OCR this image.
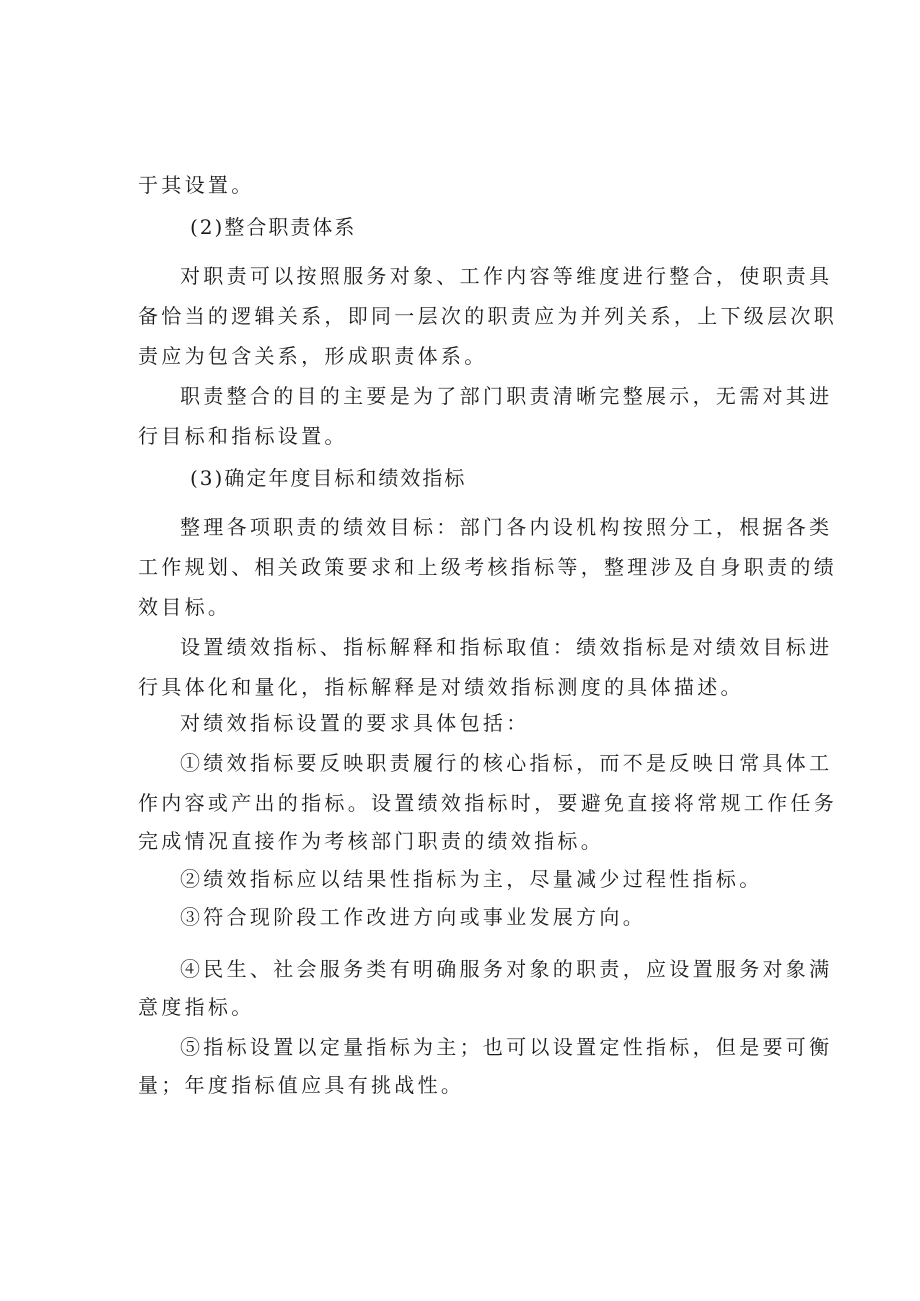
于其设置。
(2)整合职责体系
对职责可以按照服务对象、工作内容等维度进行整合，使职责具
备恰当的逻辑关系，即同一层次的职责应为并列关系，上下级层次职
责应为包含关系，形成职责体系。
职责整合的目的主要是为了部门职责清晰完整展示，无需对其进
行目标和指标设置。
(3)确定年度目标和绩效指标
整理各项职责的绩效目标：部门各内设机构按照分工，根据各类
工作规划、相关政策要求和上级考核指标等，整理涉及自身职责的绩
效目标。
设置绩效指标、指标解释和指标取值：绩效指标是对绩效目标进
行具体化和量化，指标解释是对绩效指标测度的具体描述。
对绩效指标设置的要求具体包括：
①绩效指标要反映职责履行的核心指标，而不是反映日常具体工
作内容或产出的指标。设置绩效指标时，要避免直接将常规工作任务
完成情况直接作为考核部门职责的绩效指标。
②绩效指标应以结果性指标为主，尽量减少过程性指标。
③符合现阶段工作改进方向或事业发展方向。
④民生、社会服务类有明确服务对象的职责，应设置服务对象满
意度指标。
⑤指标设置以定量指标为主；也可以设置定性指标，但是要可衡
量；年度指标值应具有挑战性。
